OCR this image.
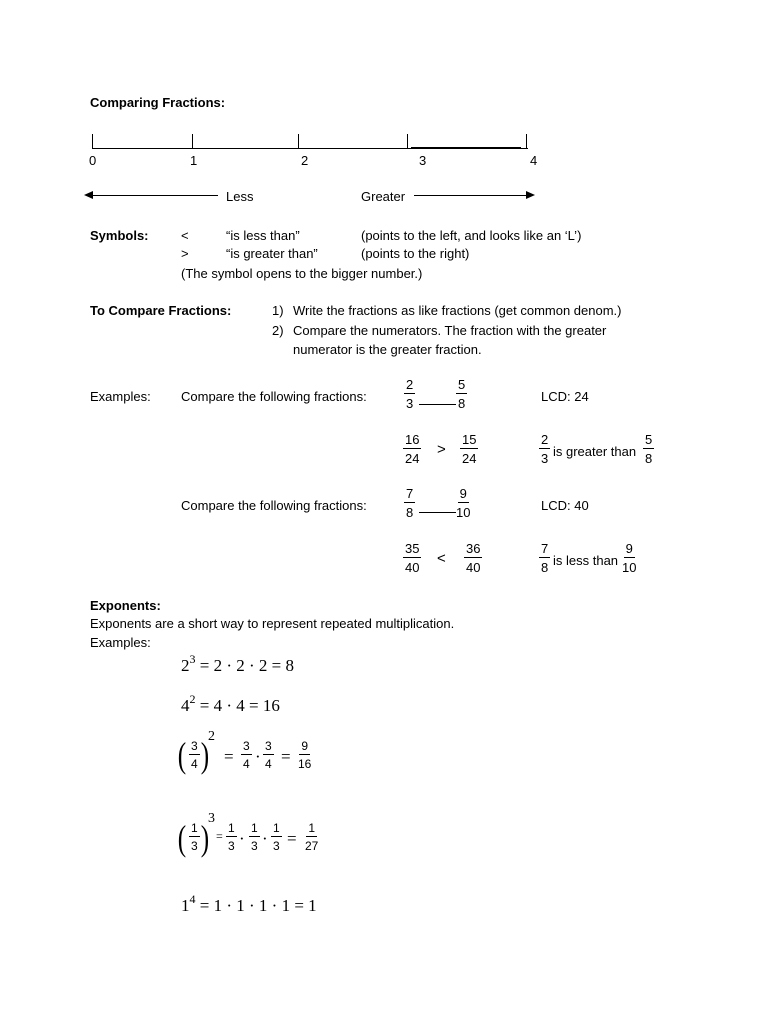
Comparing Fractions:
0	1	2	3	4
Less	Greater
Symbols: <	“is less than”	(points to the left, and looks like an ‘L’)
>	“is greater than”	(points to the right)
(The symbol opens to the bigger number.)
To Compare Fractions:	1) Write the fractions as like fractions (get common denom.)
2) Compare the numerators. The fraction with the greater
numerator is the greater fraction.
Examples: Compare the following fractions:	$\frac{2}{3}$	$\frac{5}{8}$	LCD: 24
$\frac{16}{24} > \frac{15}{24}$	$\frac{2}{3}$ is greater than $\frac{5}{8}$
Compare the following fractions:	$\frac{7}{8}$	$\frac{9}{10}$	LCD: 40
$\frac{35}{40} < \frac{36}{40}$	$\frac{7}{8}$ is less than $\frac{9}{10}$
Exponents:
Exponents are a short way to represent repeated multiplication.
Examples:
$2^3 = 2 \cdot 2 \cdot 2 = 8$
$4^2 = 4 \cdot 4 = 16$
( 3
4 )
2
=
3
4 ·
3
4 =
9
16
( 1
3 )
3
=
1
3 ·
1
3 ·
1
3 =
1
27
$1^4 = 1 \cdot 1 \cdot 1 \cdot 1 = 1$
